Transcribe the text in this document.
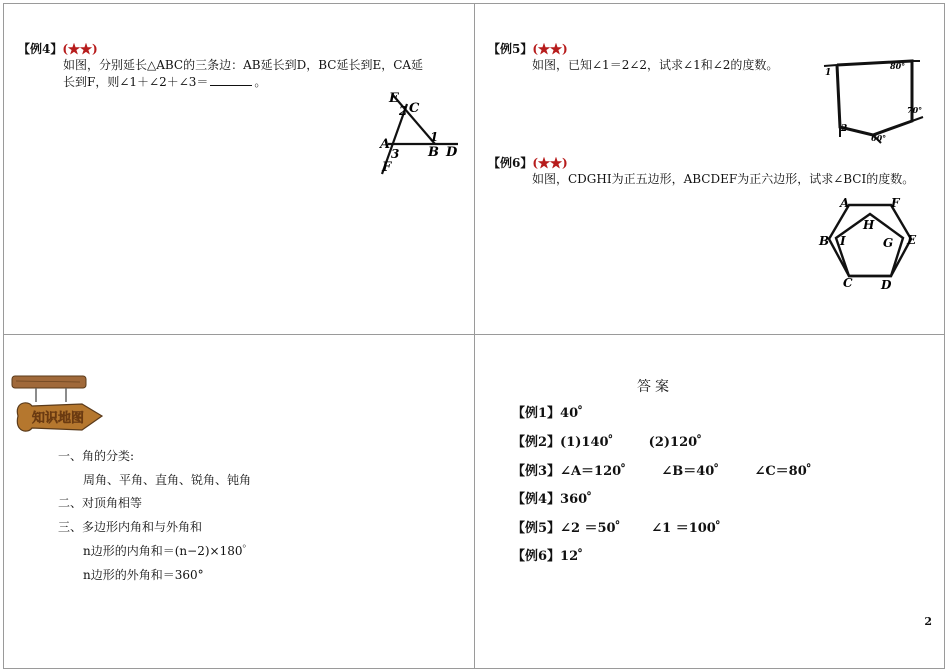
【例4】(★★)
如图，分别延长△ABC的三条边：AB延长到D，BC延长到E，CA延
长到F，则∠1＋∠2＋∠3＝	。
E
2 C
A
3
1
B D
F
【例5】(★★)
如图，已知∠1＝2∠2，试求∠1和∠2的度数。
1
80°
70°
2
60°
【例6】(★★)
如图，CDGHI为正五边形，ABCDEF为正六边形，试求∠BCI的度数。
A	F
H
B I	G E
C D
知识地图
一、角的分类:
周角、平角、直角、锐角、钝角
二、对顶角相等
三、多边形内角和与外角和
n边形的内角和＝(n−2)×180゜
n边形的外角和＝360°
答案
【例1】40゜
【例2】(1)140゜      (2)120゜
【例3】∠A＝120゜      ∠B＝40゜      ∠C＝80゜
【例4】360゜
【例5】∠2 ＝50゜     ∠1 ＝100゜
【例6】12゜
2
